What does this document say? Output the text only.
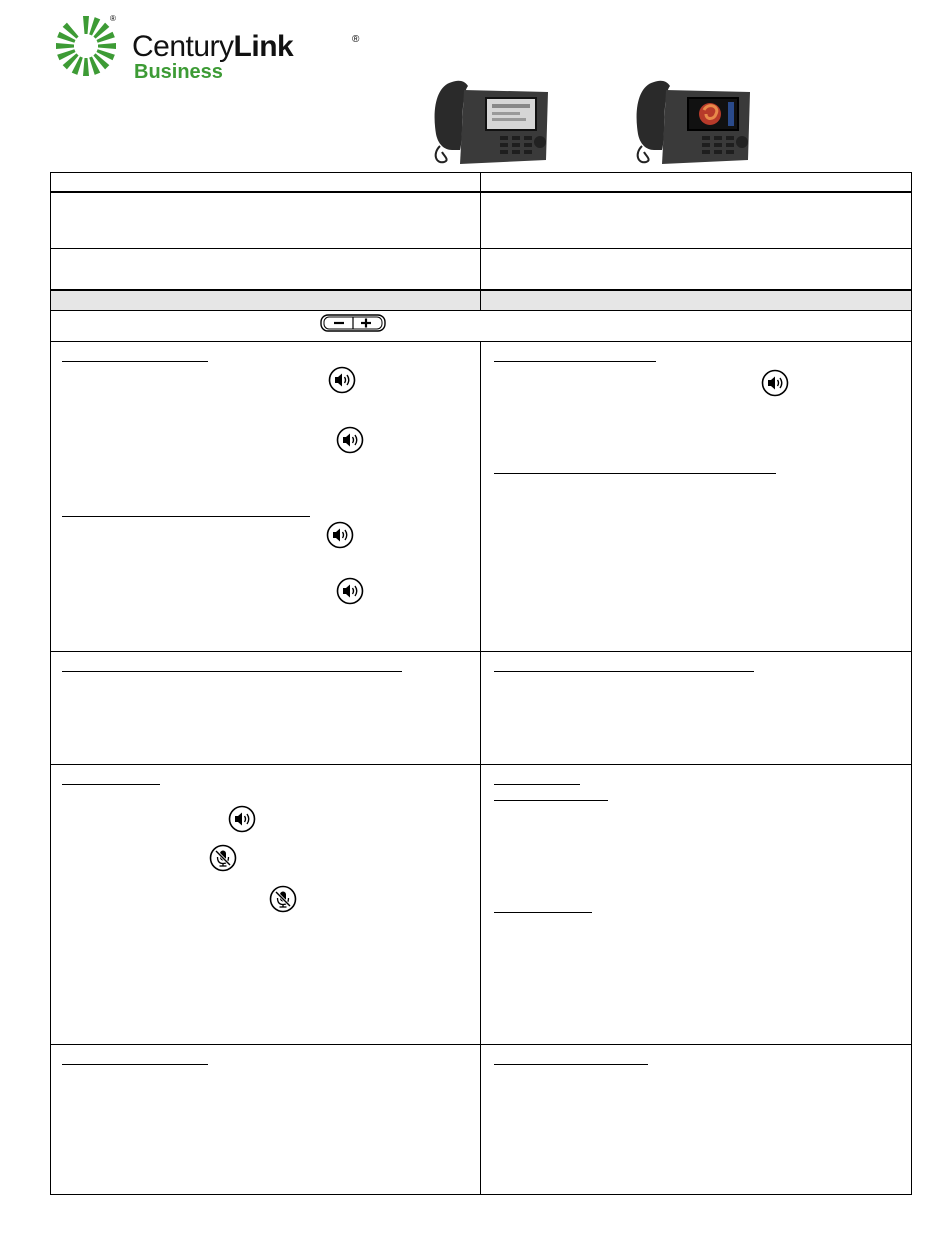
®
CenturyLink	®
Business
